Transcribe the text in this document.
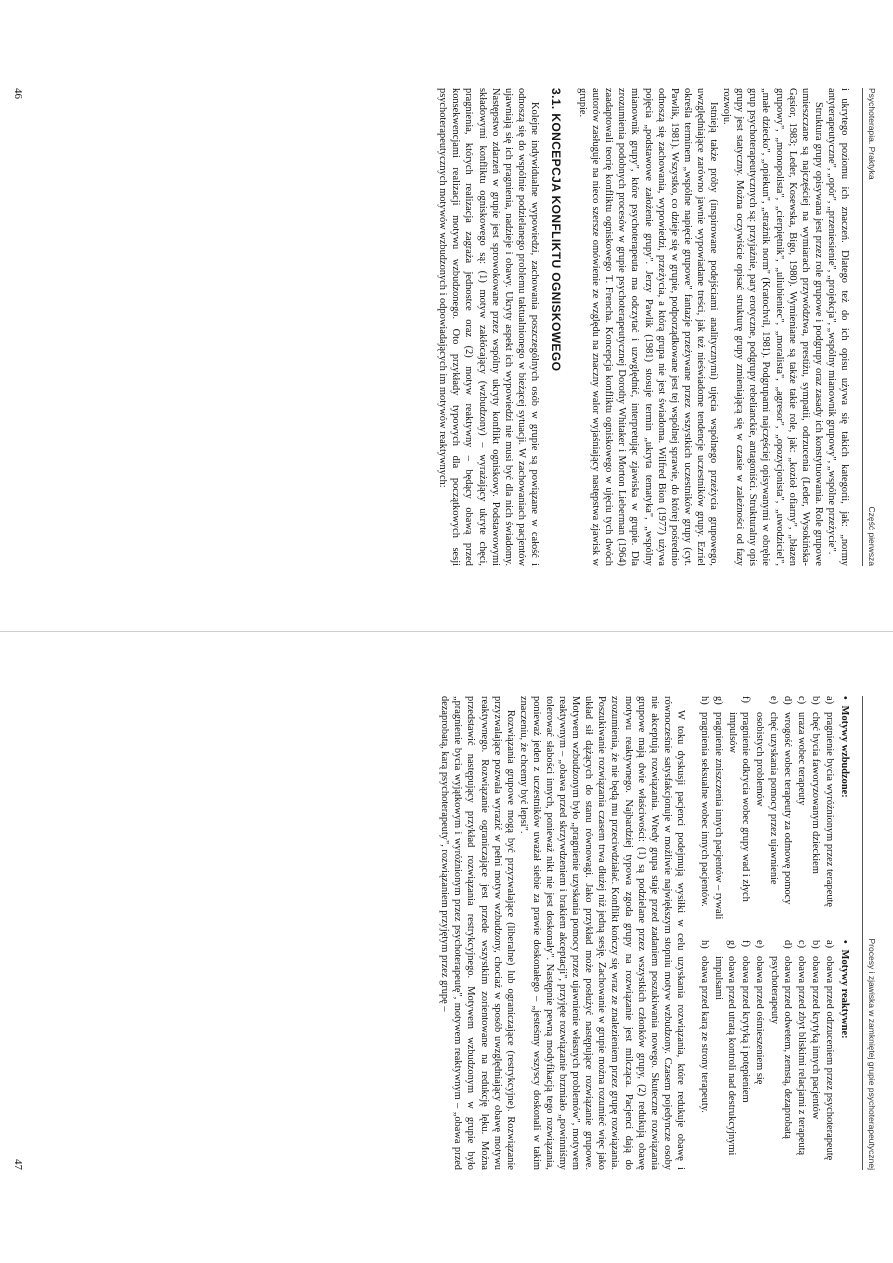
Psychoterapia. Praktyka
Część pierwsza

i ukrytego poziomu ich znaczeń. Dlatego też do ich opisu używa się takich kategorii, jak: „normy antyterapeutyczne", „opór", „przeniesienie", „projekcja", „wspólny mianownik grupowy", „wspólne przeżycie".

Struktura grupy opisywana jest przez role grupowe i podgrupy oraz zasady ich konstytuowania. Role grupowe umieszczane są najczęściej na wymiarach przywództwa, prestiżu, sympatii, odrzucenia (Leder, Wysokińska-Gąsior, 1983; Leder, Kosewska, Bigo, 1980). Wymieniane są także takie role, jak: „kozioł ofiarny", „błazen grupowy", „monopolista", „cierpiętnik", „uliubieniec", „moralista", „agresor", „opozycjonista", „uwodziciel", „małe dziecko", „opiekun", „strażnik norm" (Kratochvíl, 1981). Podgrupami najczęściej opisywanymi w obrębie grup psychoterapeutycznych są: przyjaźnie, pary erotyczne, podgrupy rebelianckie, antagoniści. Strukturalny opis grupy jest statyczny. Można oczywiście opisać strukturę grupy zmieniającą się w czasie w zależności od fazy rozwoju.

Istnieją także próby (inspirowane podejściami analitycznymi) ujęcia wspólnego przeżycia grupowego, uwzględniające zarówno jawnie wypowiadane treści, jak też nieświadome tendencje uczestników grupy. Ezriel określa terminem „wspólne napięcie grupowe" fantazje przeżywane przez wszystkich uczestników grupy (cyt. Pawlik, 1981). Wszystko, co dzieje się w grupie, podporządkowane jest tej wspólnej sprawie, do której pośrednio odnoszą się zachowania, wypowiedzi, przeżycia, a którą grupa nie jest świadoma. Wilfred Bion (1977) używa pojęcia „podstawowe założenie grupy". Jerzy Pawlik (1981) stosuje termin „ukryta tematyka", „wspólny mianownik grupy", które psychoterapeuta ma odczytać i uzwględnić, interpretując zjawiska w grupie. Dla zrozumienia podobnych procesów w grupie psychoterapeutycznej Dorothy Whitaker i Morton Lieberman (1964) zaadaptowali teorię konfliktu ogniskowego T. Frencha. Koncepcja konfliktu ogniskowego w ujęciu tych dwóch autorów zasługuje na nieco szersze omówienie ze względu na znaczny walor wyjaśniający następstwa zjawisk w grupie.

3.1. KONCEPCJA KONFLIKTU OGNISKOWEGO

Kolejne indywidualne wypowiedzi, zachowania poszczególnych osób w grupie są powiązane w całość i odnoszą się do wspólnie podzielanego problemu taktualnionego w bieżącej sytuacji. W zachowaniach pacjentów ujawniają się ich pragnienia, nadzieje i obawy. Ukryty aspekt ich wypowiedzi nie musi być dla nich świadomy. Następstwo zdarzeń w grupie jest sprowokowane przez wspólny ukryty konflikt ogniskowy. Podstawowymi składowymi konfliktu ogniskowego są: (1) motyw zakłócający (wzbudzony) – wyrażający ukryte chęci, pragnienia, których realizacja zagraża jednostce oraz (2) motyw reaktywny – będący obawą przed konsekwencjami realizacji motywu wzbudzonego. Oto przykłady typowych dla początkowych sesji psychoterapeutycznych motywów wzbudzonych i odpowiadających im motywów reaktywnych:

46
Procesy i zjawiska w zamkniętej grupie psychoterapeutycznej
•Motywy wzbudzone:
a)
pragnienie bycia wyróżnionym przez terapeutę
b)
chęć bycia faworyzowanym dzieckiem
c)
uraza wobec terapeuty
d)
wrogość wobec terapeuty za odmowę pomocy
e)
chęć uzyskania pomocy przez ujawnienie osobistych problemów
f)
pragnienie odkrycia wobec grupy wad i złych impulsów
g)
pragnienie zniszczenia innych pacjentów – rywali
h)
pragnienia seksualne wobec innych pacjentów.
•Motywy reaktywne:
a)
obawa przed odrzuceniem przez psychoterapeutę
b)
obawa przed krytyką innych pacjentów
c)
obawa przed zbyt bliskimi relacjami z terapeutą
d)
obawa przed odwetem, zemstą, dezaprobatą psychoterapeuty
e)
obawa przed ośmieszeniem się
f)
obawa przed krytyką i potępieniem
g)
obawa przed utratą kontroli nad destrukcyjnymi impulsami
h)
obawa przed karą ze strony terapeuty.

W toku dyskusji pacjenci podejmują wysiłki w celu uzyskania rozwiązania, które redukuje obawę i równocześnie satysfakcjonuje w możliwie największym stopniu motyw wzbudzony. Czasem pojedyncze osoby nie akceptują rozwiązania. Wtedy grupa staje przed zadaniem poszukiwania nowego. Skuteczne rozwiązania grupowe mają dwie właściwości: (1) są podzielane przez wszystkich członków grupy, (2) redukują obawę motywu reaktywnego. Najbardziej typowa zgoda grupy na rozwiązanie jest milcząca. Pacjenci dają do zrozumienia, że nie będą mu przeciwdziałać. Konflikt kończy się wraz ze znalezieniem przez grupę rozwiązania. Poszukiwanie rozwiązania czasem trwa dłużej niż jedną sesję. Zachowanie w grupie można rozumieć więc jako układ sił dążących do stanu równowagi. Jako przykład może posłużyć następujące rozwiązanie grupowe. Motywem wzbudzonym było „pragnienie uzyskania pomocy przez ujawnienie własnych problemów", motywem reaktywnym – „obawa przed skrzywdzeniem i brakiem akceptacji", przyjęte rozwiązanie brzmiało „powinniśmy tolerować słabości innych, ponieważ nikt nie jest doskonały". Następnie pewną modyfikacją tego rozwiązania, ponieważ jeden z uczestników uważał siebie za prawie doskonałego – „jesteśmy wszyscy doskonali w takim znaczeniu, że chcemy być lepsi".

Rozwiązania grupowe mogą być przyzwalające (liberalne) lub ograniczające (restrykcyjne). Rozwiązanie przyzwalające pozwala wyrazić w pełni motyw wzbudzony, chociaż w sposób uwzględniający obawę motywu reaktywnego. Rozwiązanie ograniczające jest przede wszystkim zorientowane na redukcję lęku. Można przedstawić następujący przykład rozwiązania restrykcyjnego. Motywem wzbudzonym w grupie było „pragnienie bycia wyjątkowym i wyróżnionym przez psychoterapeutę", motywem reaktywnym – „obawa przed dezaprobatą, karą psychoterapeuty", rozwiązaniem przyjętym przez grupę –

47
